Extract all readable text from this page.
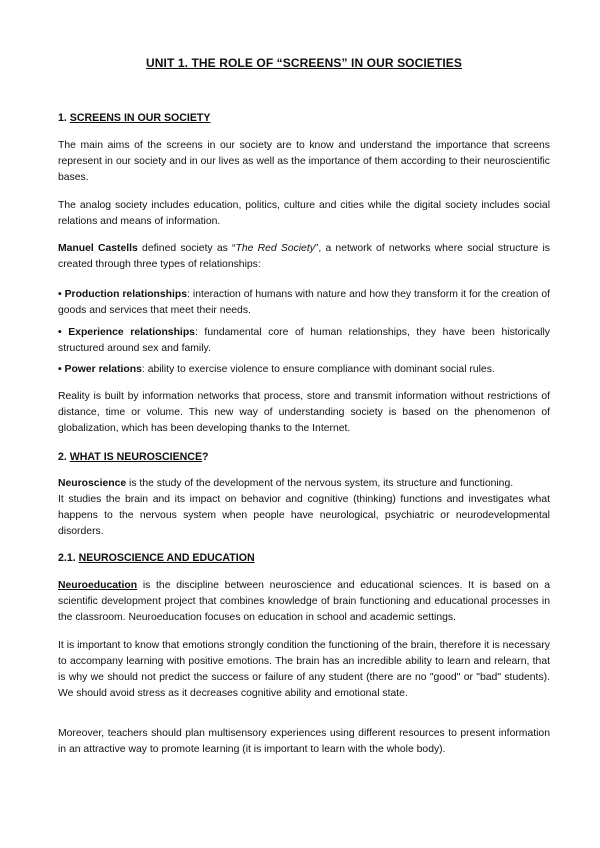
UNIT 1. THE ROLE OF “SCREENS” IN OUR SOCIETIES
1. SCREENS IN OUR SOCIETY

The main aims of the screens in our society are to know and understand the importance that screens represent in our society and in our lives as well as the importance of them according to their neuroscientific bases.

The analog society includes education, politics, culture and cities while the digital society includes social relations and means of information.

Manuel Castells defined society as “The Red Society”, a network of networks where social structure is created through three types of relationships:

• Production relationships: interaction of humans with nature and how they transform it for the creation of goods and services that meet their needs.

• Experience relationships: fundamental core of human relationships, they have been historically structured around sex and family.

• Power relations: ability to exercise violence to ensure compliance with dominant social rules.

Reality is built by information networks that process, store and transmit information without restrictions of distance, time or volume. This new way of understanding society is based on the phenomenon of globalization, which has been developing thanks to the Internet.

2. WHAT IS NEUROSCIENCE?

Neuroscience is the study of the development of the nervous system, its structure and functioning.
It studies the brain and its impact on behavior and cognitive (thinking) functions and investigates what happens to the nervous system when people have neurological, psychiatric or neurodevelopmental disorders.

2.1. NEUROSCIENCE AND EDUCATION

Neuroeducation is the discipline between neuroscience and educational sciences. It is based on a scientific development project that combines knowledge of brain functioning and educational processes in the classroom. Neuroeducation focuses on education in school and academic settings.

It is important to know that emotions strongly condition the functioning of the brain, therefore it is necessary to accompany learning with positive emotions. The brain has an incredible ability to learn and relearn, that is why we should not predict the success or failure of any student (there are no "good" or "bad" students). We should avoid stress as it decreases cognitive ability and emotional state.

Moreover, teachers should plan multisensory experiences using different resources to present information in an attractive way to promote learning (it is important to learn with the whole body).
